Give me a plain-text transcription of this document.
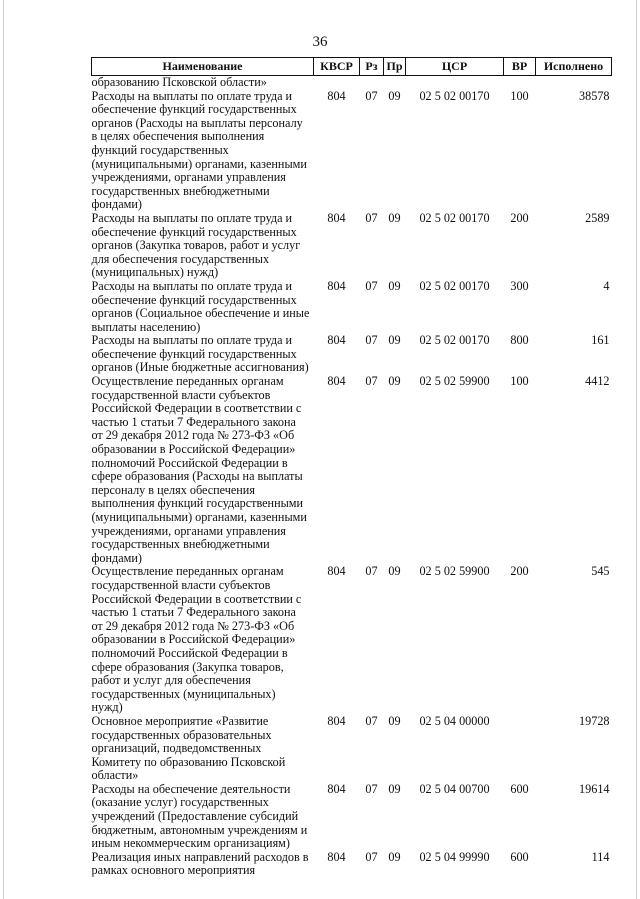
36
Наименование	КВСР	Рз	Пр	ЦСР	ВР	Исполнено
образованию Псковской области»						
Расходы на выплаты по оплате труда и обеспечение функций государственных органов (Расходы на выплаты персоналу в целях обеспечения выполнения функций государственных (муниципальными) органами, казенными учреждениями, органами управления государственных внебюджетными фондами)	804	07	09	02 5 02 00170	100	38578
Расходы на выплаты по оплате труда и обеспечение функций государственных органов (Закупка товаров, работ и услуг для обеспечения государственных (муниципальных) нужд)	804	07	09	02 5 02 00170	200	2589
Расходы на выплаты по оплате труда и обеспечение функций государственных органов (Социальное обеспечение и иные выплаты населению)	804	07	09	02 5 02 00170	300	4
Расходы на выплаты по оплате труда и обеспечение функций государственных органов (Иные бюджетные ассигнования)	804	07	09	02 5 02 00170	800	161
Осуществление переданных органам государственной власти субъектов Российской Федерации в соответствии с частью 1 статьи 7 Федерального закона от 29 декабря 2012 года № 273-ФЗ «Об образовании в Российской Федерации» полномочий Российской Федерации в сфере образования (Расходы на выплаты персоналу в целях обеспечения выполнения функций государственными (муниципальными) органами, казенными учреждениями, органами управления государственных внебюджетными фондами)	804	07	09	02 5 02 59900	100	4412
Осуществление переданных органам государственной власти субъектов Российской Федерации в соответствии с частью 1 статьи 7 Федерального закона от 29 декабря 2012 года № 273-ФЗ «Об образовании в Российской Федерации» полномочий Российской Федерации в сфере образования (Закупка товаров, работ и услуг для обеспечения государственных (муниципальных) нужд)	804	07	09	02 5 02 59900	200	545
Основное мероприятие «Развитие государственных образовательных организаций, подведомственных Комитету по образованию Псковской области»	804	07	09	02 5 04 00000		19728
Расходы на обеспечение деятельности (оказание услуг) государственных учреждений (Предоставление субсидий бюджетным, автономным учреждениям и иным некоммерческим организациям)	804	07	09	02 5 04 00700	600	19614
Реализация иных направлений расходов в рамках основного мероприятия	804	07	09	02 5 04 99990	600	114
